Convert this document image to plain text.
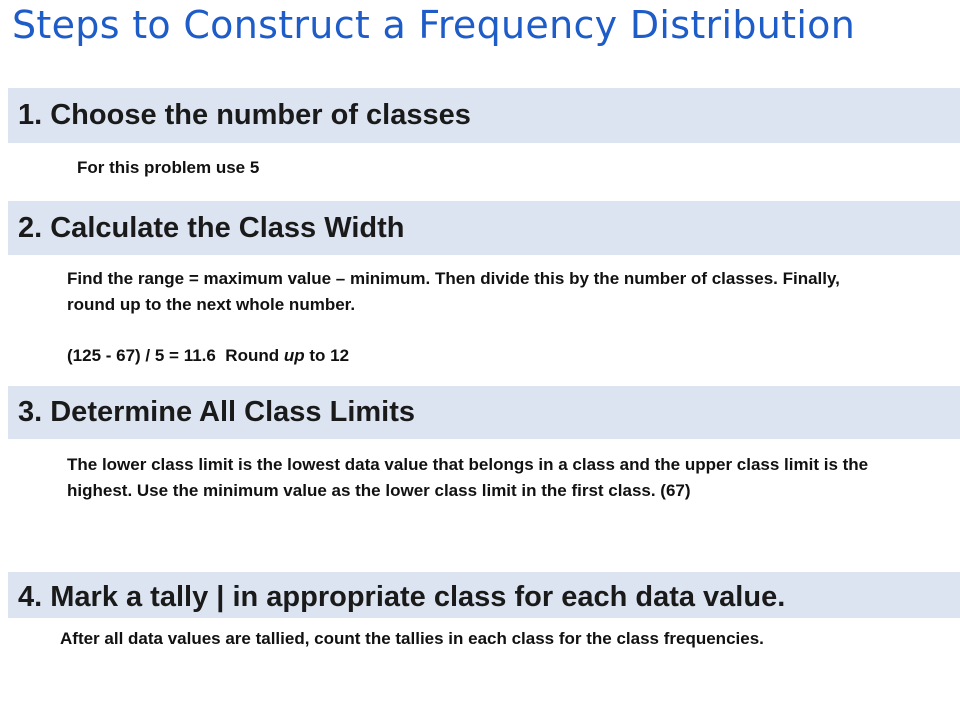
Steps to Construct a Frequency Distribution
1. Choose the number of classes
For this problem use 5
2. Calculate the Class Width
Find the range = maximum value – minimum. Then divide this by the number of classes. Finally, round up to the next whole number.
(125 - 67) / 5 = 11.6  Round up to 12
3. Determine All Class Limits
The lower class limit is the lowest data value that belongs in a class and the upper class limit is the highest. Use the minimum value as the lower class limit in the first class. (67)
4. Mark a tally | in appropriate class for each data value.
After all data values are tallied, count the tallies in each class for the class frequencies.
